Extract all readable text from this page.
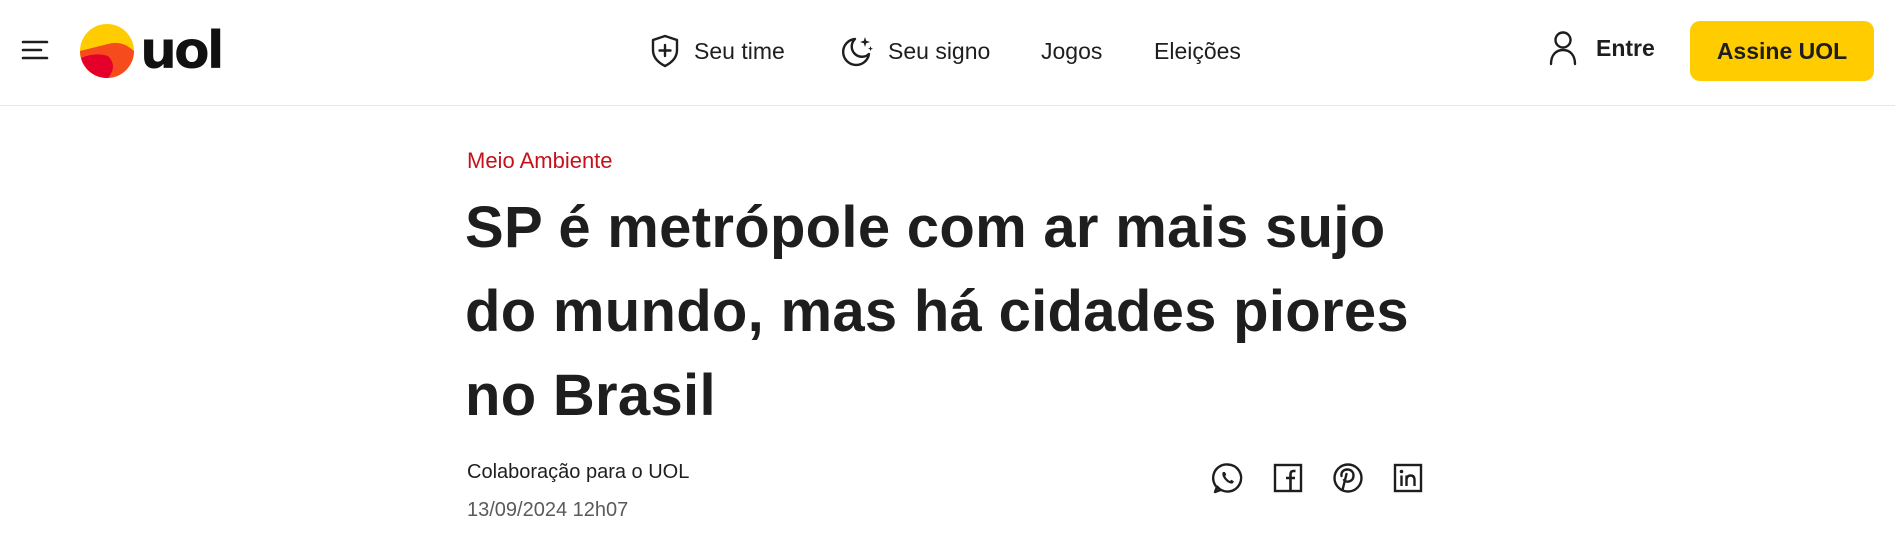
uol	Seu time	Seu signo Jogos Eleições	Entre	Assine UOL
Meio Ambiente
SP é metrópole com ar mais sujo do mundo, mas há cidades piores no Brasil
Colaboração para o UOL
13/09/2024 12h07
